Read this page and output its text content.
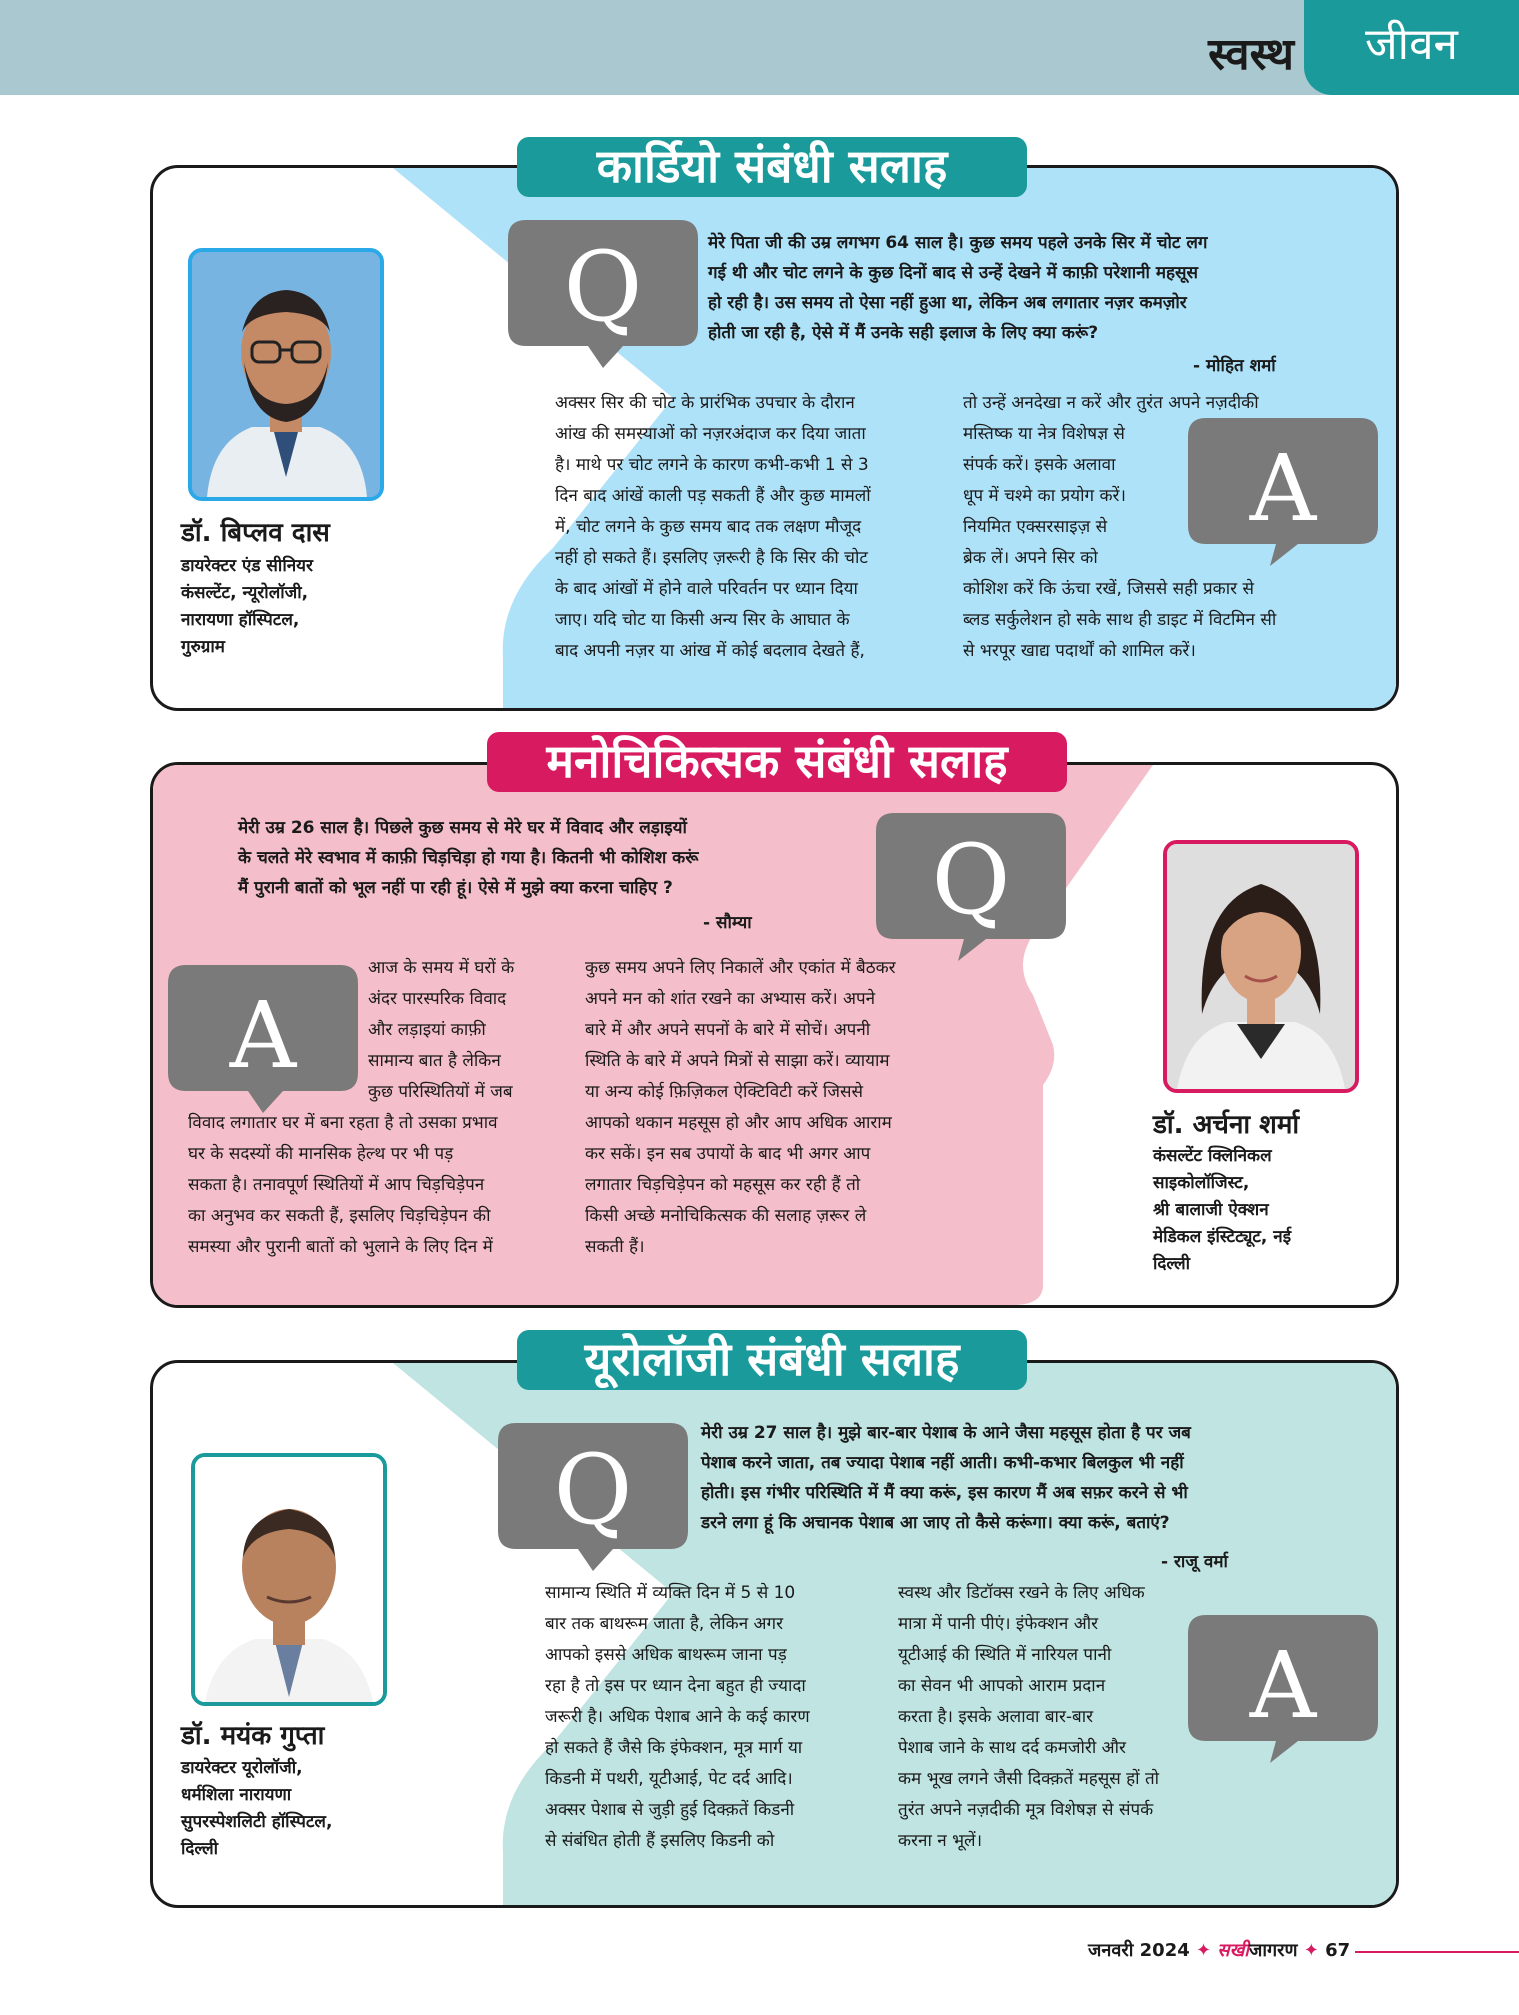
स्वस्थ	जीवन
कार्डियो संबंधी सलाह
डॉ. बिप्लव दास
डायरेक्टर एंड सीनियर
कंसल्टेंट, न्यूरोलॉजी,
नारायणा हॉस्पिटल,
गुरुग्राम
Q	मेरे पिता जी की उम्र लगभग 64 साल है। कुछ समय पहले उनके सिर में चोट लग
गई थी और चोट लगने के कुछ दिनों बाद से उन्हें देखने में काफ़ी परेशानी महसूस
हो रही है। उस समय तो ऐसा नहीं हुआ था, लेकिन अब लगातार नज़र कमज़ोर
होती जा रही है, ऐसे में मैं उनके सही इलाज के लिए क्या करूं?
- मोहित शर्मा
अक्सर सिर की चोट के प्रारंभिक उपचार के दौरान
आंख की समस्याओं को नज़रअंदाज कर दिया जाता
है। माथे पर चोट लगने के कारण कभी-कभी 1 से 3
दिन बाद आंखें काली पड़ सकती हैं और कुछ मामलों
में, चोट लगने के कुछ समय बाद तक लक्षण मौजूद
नहीं हो सकते हैं। इसलिए ज़रूरी है कि सिर की चोट
के बाद आंखों में होने वाले परिवर्तन पर ध्यान दिया
जाए। यदि चोट या किसी अन्य सिर के आघात के
बाद अपनी नज़र या आंख में कोई बदलाव देखते हैं,
तो उन्हें अनदेखा न करें और तुरंत अपने नज़दीकी
मस्तिष्क या नेत्र विशेषज्ञ से
संपर्क करें। इसके अलावा
धूप में चश्मे का प्रयोग करें।
नियमित एक्सरसाइज़ से
ब्रेक लें। अपने सिर को
कोशिश करें कि ऊंचा रखें, जिससे सही प्रकार से
ब्लड सर्कुलेशन हो सके साथ ही डाइट में विटमिन सी
से भरपूर खाद्य पदार्थों को शामिल करें।
A
मनोचिकित्सक संबंधी सलाह
मेरी उम्र 26 साल है। पिछले कुछ समय से मेरे घर में विवाद और लड़ाइयों
के चलते मेरे स्वभाव में काफ़ी चिड़चिड़ा हो गया है। कितनी भी कोशिश करूं
मैं पुरानी बातों को भूल नहीं पा रही हूं। ऐसे में मुझे क्या करना चाहिए ?
- सौम्या Q
A
आज के समय में घरों के
अंदर पारस्परिक विवाद
और लड़ाइयां काफ़ी
सामान्य बात है लेकिन
कुछ परिस्थितियों में जब
विवाद लगातार घर में बना रहता है तो उसका प्रभाव
घर के सदस्यों की मानसिक हेल्थ पर भी पड़
सकता है। तनावपूर्ण स्थितियों में आप चिड़चिड़ेपन
का अनुभव कर सकती हैं, इसलिए चिड़चिड़ेपन की
समस्या और पुरानी बातों को भुलाने के लिए दिन में
कुछ समय अपने लिए निकालें और एकांत में बैठकर
अपने मन को शांत रखने का अभ्यास करें। अपने
बारे में और अपने सपनों के बारे में सोचें। अपनी
स्थिति के बारे में अपने मित्रों से साझा करें। व्यायाम
या अन्य कोई फ़िज़िकल ऐक्टिविटी करें जिससे
आपको थकान महसूस हो और आप अधिक आराम
कर सकें। इन सब उपायों के बाद भी अगर आप
लगातार चिड़चिड़ेपन को महसूस कर रही हैं तो
किसी अच्छे मनोचिकित्सक की सलाह ज़रूर ले
सकती हैं।
डॉ. अर्चना शर्मा
कंसल्टेंट क्लिनिकल
साइकोलॉजिस्ट,
श्री बालाजी ऐक्शन
मेडिकल इंस्टिट्यूट, नई
दिल्ली
यूरोलॉजी संबंधी सलाह
डॉ. मयंक गुप्ता
डायरेक्टर यूरोलॉजी,
धर्मशिला नारायणा
सुपरस्पेशलिटी हॉस्पिटल,
दिल्ली
Q
मेरी उम्र 27 साल है। मुझे बार-बार पेशाब के आने जैसा महसूस होता है पर जब
पेशाब करने जाता, तब ज्यादा पेशाब नहीं आती। कभी-कभार बिलकुल भी नहीं
होती। इस गंभीर परिस्थिति में मैं क्या करूं, इस कारण मैं अब सफ़र करने से भी
डरने लगा हूं कि अचानक पेशाब आ जाए तो कैसे करूंगा। क्या करूं, बताएं?
- राजू वर्मा
सामान्य स्थिति में व्यक्ति दिन में 5 से 10
बार तक बाथरूम जाता है, लेकिन अगर
आपको इससे अधिक बाथरूम जाना पड़
रहा है तो इस पर ध्यान देना बहुत ही ज्यादा
जरूरी है। अधिक पेशाब आने के कई कारण
हो सकते हैं जैसे कि इंफेक्शन, मूत्र मार्ग या
किडनी में पथरी, यूटीआई, पेट दर्द आदि।
अक्सर पेशाब से जुड़ी हुई दिक्क़तें किडनी
से संबंधित होती हैं इसलिए किडनी को
स्वस्थ और डिटॉक्स रखने के लिए अधिक
मात्रा में पानी पीएं। इंफेक्शन और
यूटीआई की स्थिति में नारियल पानी
का सेवन भी आपको आराम प्रदान
करता है। इसके अलावा बार-बार
पेशाब जाने के साथ दर्द कमजोरी और
कम भूख लगने जैसी दिक्क़तें महसूस हों तो
तुरंत अपने नज़दीकी मूत्र विशेषज्ञ से संपर्क
करना न भूलें।
A
जनवरी 2024 ✦ सखीजागरण ✦ 67
